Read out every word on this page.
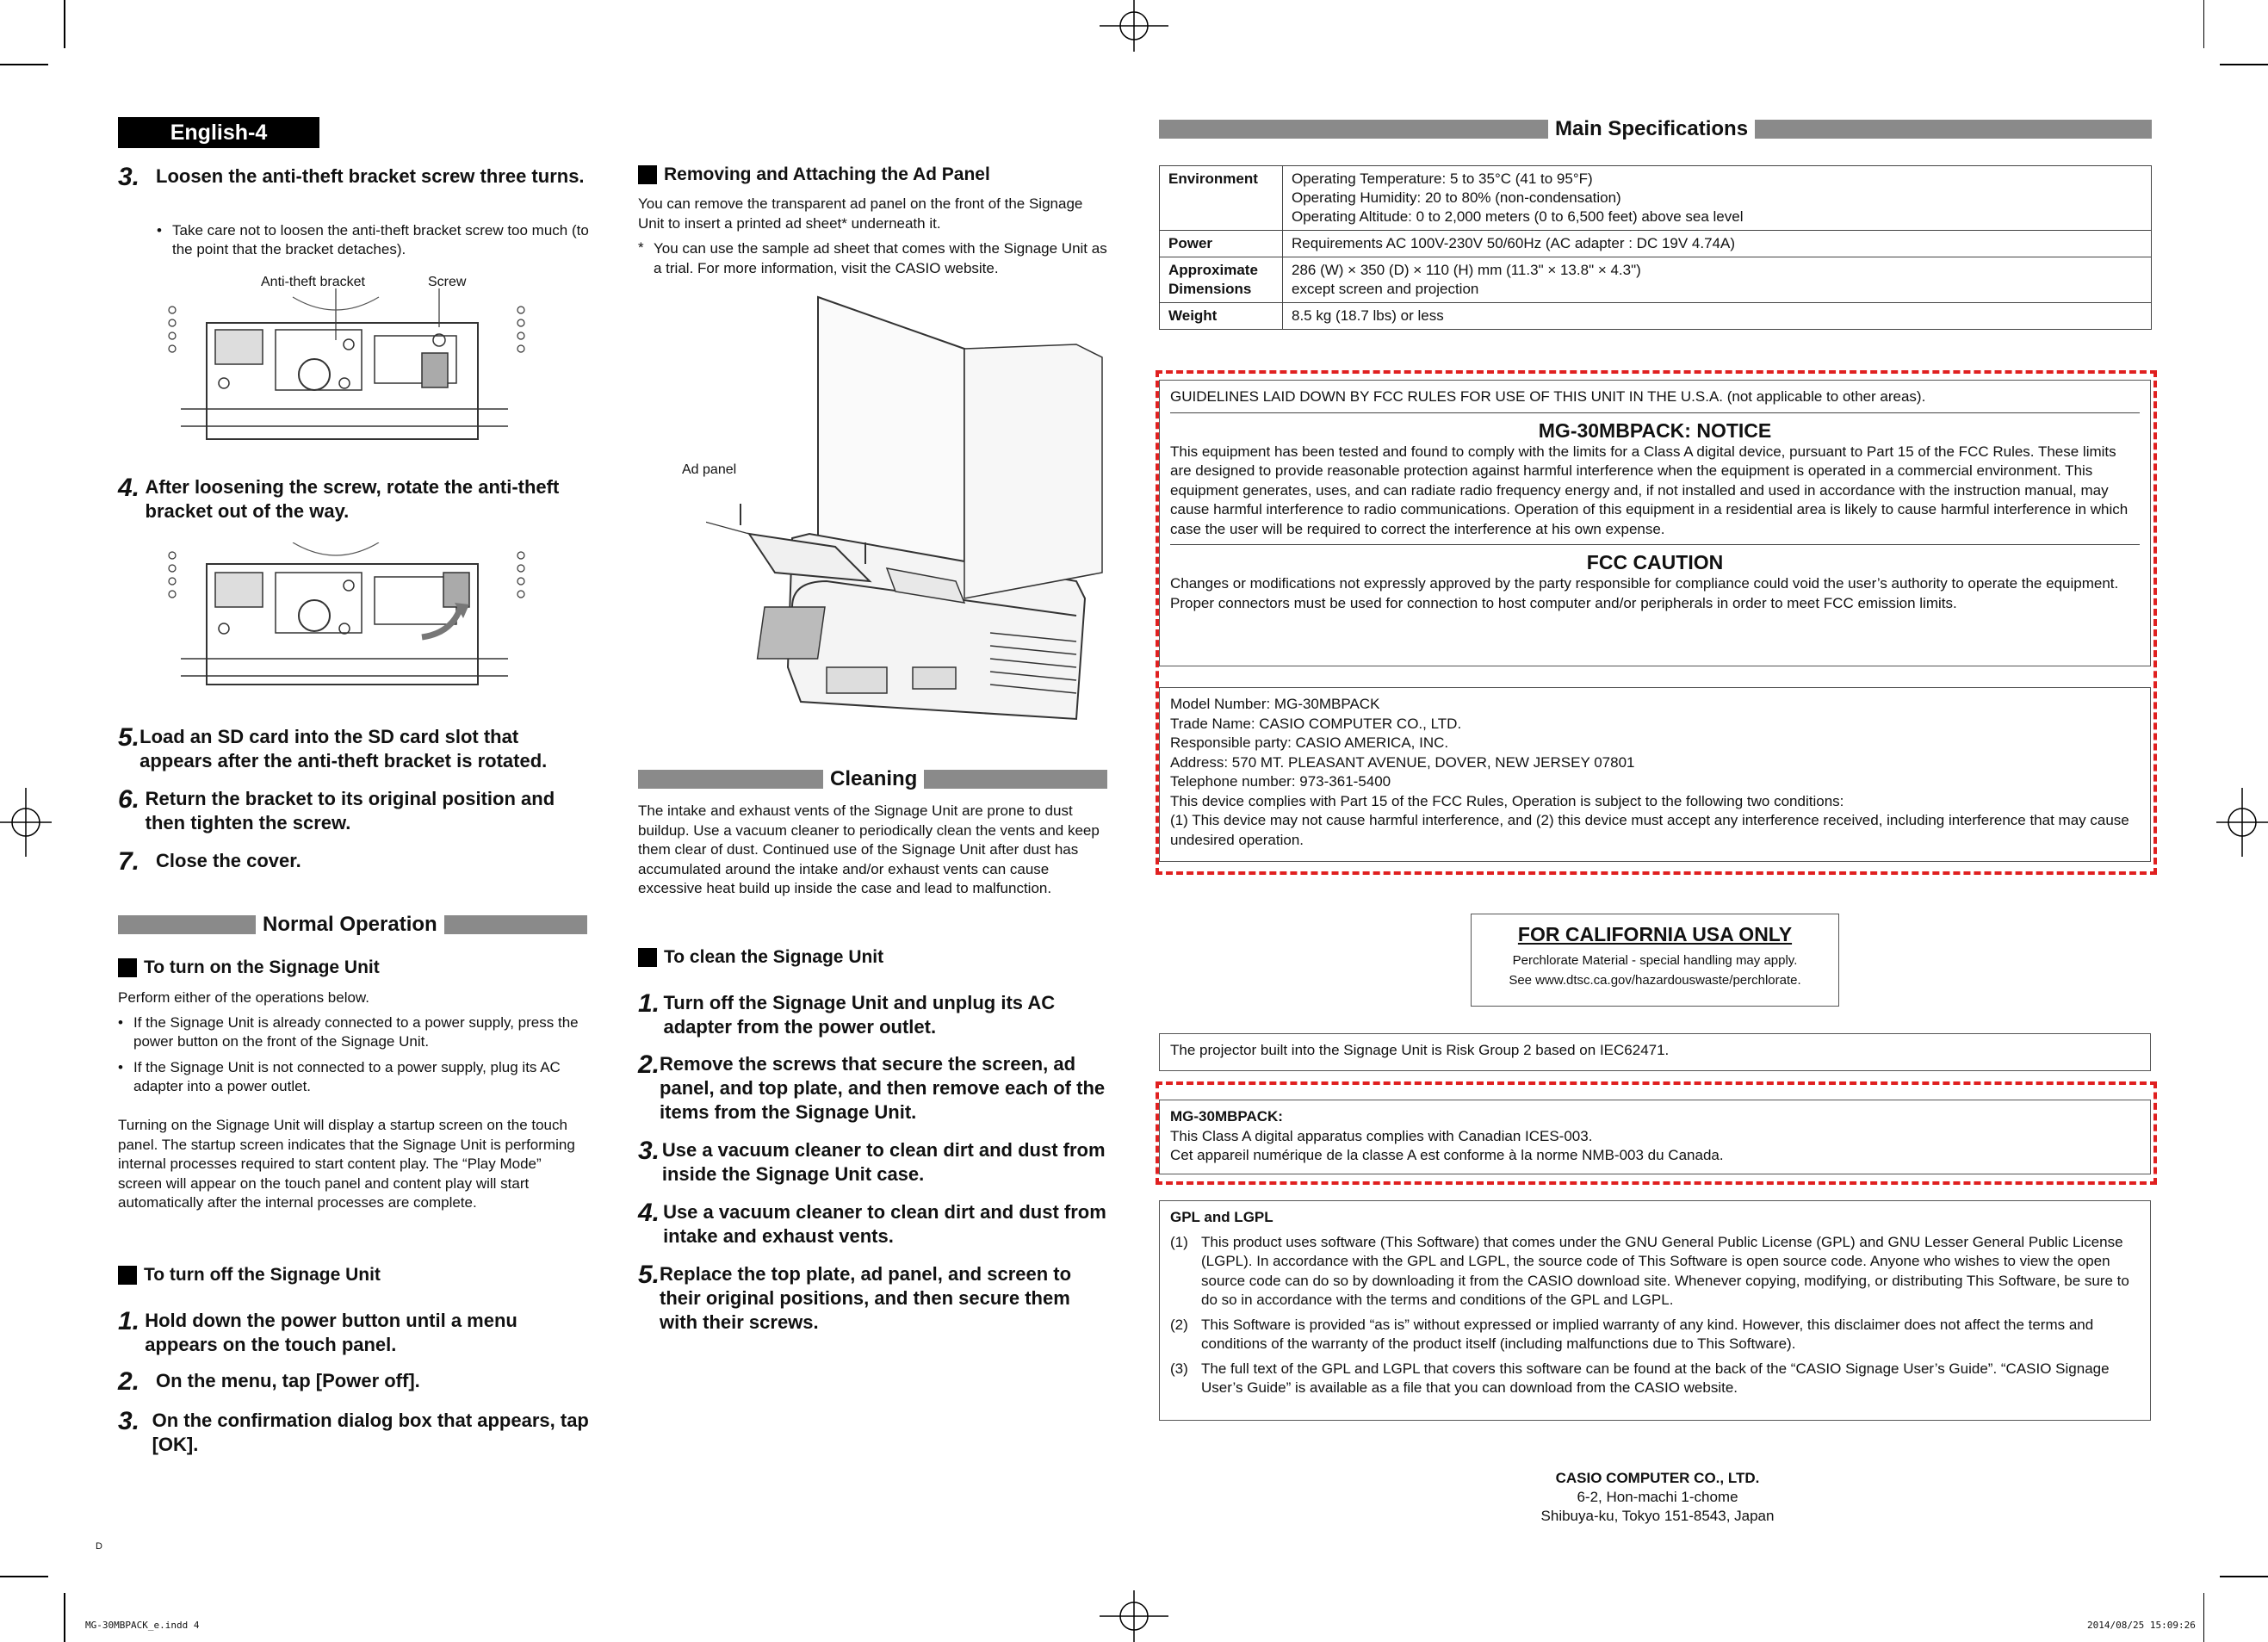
English-4
3. Loosen the anti-theft bracket screw three turns.
• Take care not to loosen the anti-theft bracket screw too much (to the point that the bracket detaches).
Anti-theft bracket	Screw
4. After loosening the screw, rotate the anti-theft bracket out of the way.
5. Load an SD card into the SD card slot that appears after the anti-theft bracket is rotated.
6. Return the bracket to its original position and then tighten the screw.
7. Close the cover.
Normal Operation
To turn on the Signage Unit
Perform either of the operations below.
• If the Signage Unit is already connected to a power supply, press the power button on the front of the Signage Unit.
• If the Signage Unit is not connected to a power supply, plug its AC adapter into a power outlet.
Turning on the Signage Unit will display a startup screen on the touch panel. The startup screen indicates that the Signage Unit is performing internal processes required to start content play. The “Play Mode” screen will appear on the touch panel and content play will start automatically after the internal processes are complete.
To turn off the Signage Unit
1. Hold down the power button until a menu appears on the touch panel.
2. On the menu, tap [Power off].
3. On the confirmation dialog box that appears, tap [OK].
D
Removing and Attaching the Ad Panel
You can remove the transparent ad panel on the front of the Signage Unit to insert a printed ad sheet* underneath it.
* You can use the sample ad sheet that comes with the Signage Unit as a trial. For more information, visit the CASIO website.
Ad panel
Cleaning
The intake and exhaust vents of the Signage Unit are prone to dust buildup. Use a vacuum cleaner to periodically clean the vents and keep them clear of dust. Continued use of the Signage Unit after dust has accumulated around the intake and/or exhaust vents can cause excessive heat build up inside the case and lead to malfunction.
To clean the Signage Unit
1. Turn off the Signage Unit and unplug its AC adapter from the power outlet.
2. Remove the screws that secure the screen, ad panel, and top plate, and then remove each of the items from the Signage Unit.
3. Use a vacuum cleaner to clean dirt and dust from inside the Signage Unit case.
4. Use a vacuum cleaner to clean dirt and dust from intake and exhaust vents.
5. Replace the top plate, ad panel, and screen to their original positions, and then secure them with their screws.
Main Specifications
Environment	Operating Temperature: 5 to 35°C (41 to 95°F)
Operating Humidity: 20 to 80% (non-condensation)
Operating Altitude: 0 to 2,000 meters (0 to 6,500 feet) above sea level

Power	Requirements AC 100V-230V 50/60Hz (AC adapter : DC 19V 4.74A)
Approximate Dimensions	286 (W) × 350 (D) × 110 (H) mm (11.3" × 13.8" × 4.3")
except screen and projection

Weight	8.5 kg (18.7 lbs) or less
GUIDELINES LAID DOWN BY FCC RULES FOR USE OF THIS UNIT IN THE U.S.A. (not applicable to other areas).
MG-30MBPACK: NOTICE
This equipment has been tested and found to comply with the limits for a Class A digital device, pursuant to Part 15 of the FCC Rules. These limits are designed to provide reasonable protection against harmful interference when the equipment is operated in a commercial environment. This equipment generates, uses, and can radiate radio frequency energy and, if not installed and used in accordance with the instruction manual, may cause harmful interference to radio communications. Operation of this equipment in a residential area is likely to cause harmful interference in which case the user will be required to correct the interference at his own expense.
FCC CAUTION
Changes or modifications not expressly approved by the party responsible for compliance could void the user’s authority to operate the equipment.
Proper connectors must be used for connection to host computer and/or peripherals in order to meet FCC emission limits.
Model Number: MG-30MBPACK
Trade Name: CASIO COMPUTER CO., LTD.
Responsible party: CASIO AMERICA, INC.
Address: 570 MT. PLEASANT AVENUE, DOVER, NEW JERSEY 07801
Telephone number: 973-361-5400
This device complies with Part 15 of the FCC Rules, Operation is subject to the following two conditions:
(1) This device may not cause harmful interference, and (2) this device must accept any interference received, including interference that may cause undesired operation.
FOR CALIFORNIA USA ONLY
Perchlorate Material - special handling may apply.
See www.dtsc.ca.gov/hazardouswaste/perchlorate.
The projector built into the Signage Unit is Risk Group 2 based on IEC62471.
MG-30MBPACK:
This Class A digital apparatus complies with Canadian ICES-003.
Cet appareil numérique de la classe A est conforme à la norme NMB-003 du Canada.
GPL and LGPL
(1) This product uses software (This Software) that comes under the GNU General Public License (GPL) and GNU Lesser General Public License (LGPL). In accordance with the GPL and LGPL, the source code of This Software is open source code. Anyone who wishes to view the open source code can do so by downloading it from the CASIO download site. Whenever copying, modifying, or distributing This Software, be sure to do so in accordance with the terms and conditions of the GPL and LGPL.
(2) This Software is provided “as is” without expressed or implied warranty of any kind. However, this disclaimer does not affect the terms and conditions of the warranty of the product itself (including malfunctions due to This Software).
(3) The full text of the GPL and LGPL that covers this software can be found at the back of the “CASIO Signage User’s Guide”. “CASIO Signage User’s Guide” is available as a file that you can download from the CASIO website.
CASIO COMPUTER CO., LTD.
6-2, Hon-machi 1-chome
Shibuya-ku, Tokyo 151-8543, Japan
MG-30MBPACK_e.indd 4	2014/08/25 15:09:26
